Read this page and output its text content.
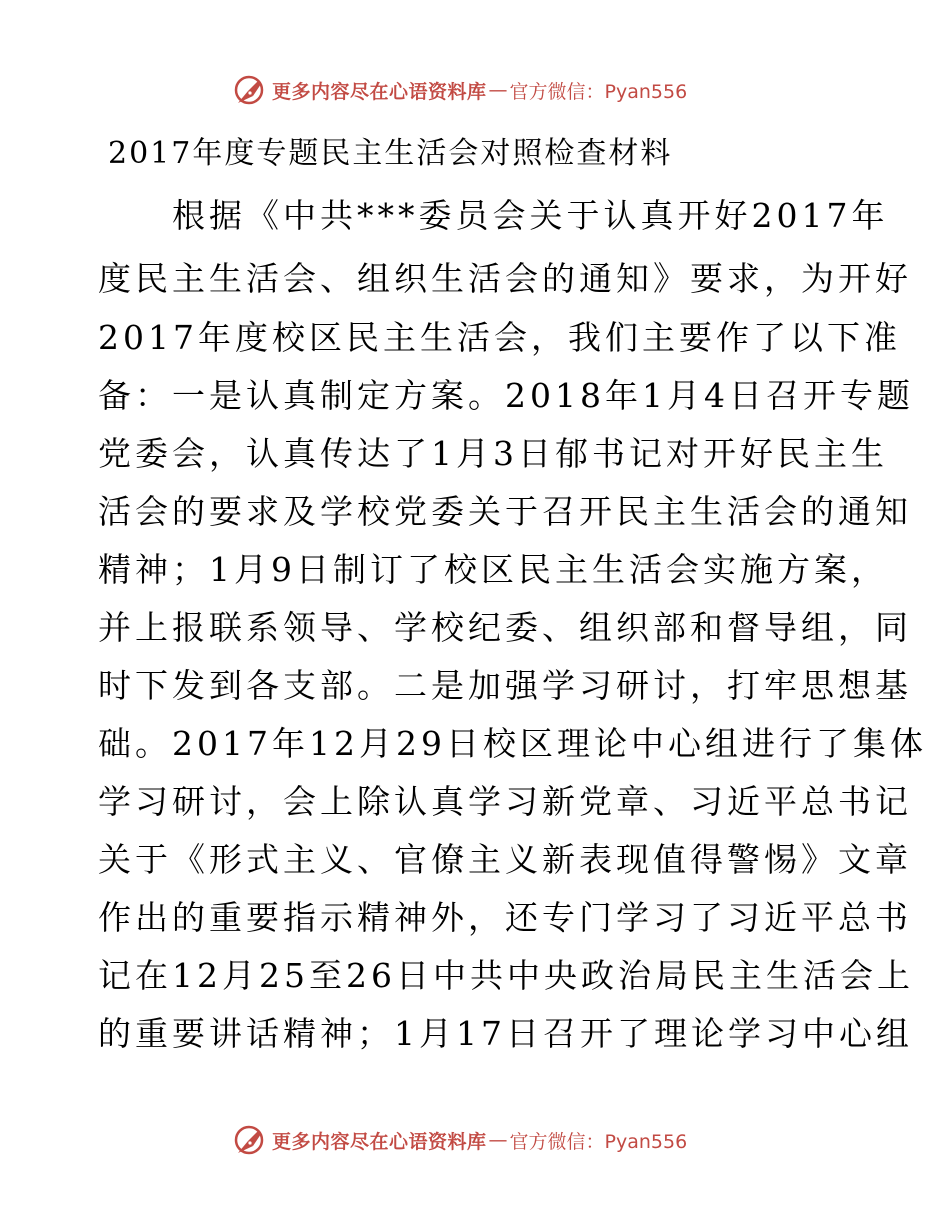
更多内容尽在心语资料库 — 官方微信：Pyan556
2017年度专题民主生活会对照检查材料

　　根据《中共***委员会关于认真开好2017年

度民主生活会、组织生活会的通知》要求，为开好

2017年度校区民主生活会，我们主要作了以下准

备：一是认真制定方案。2018年1月4日召开专题

党委会，认真传达了1月3日郁书记对开好民主生

活会的要求及学校党委关于召开民主生活会的通知

精神；1月9日制订了校区民主生活会实施方案，

并上报联系领导、学校纪委、组织部和督导组，同

时下发到各支部。二是加强学习研讨，打牢思想基

础。2017年12月29日校区理论中心组进行了集体

学习研讨，会上除认真学习新党章、习近平总书记

关于《形式主义、官僚主义新表现值得警惕》文章

作出的重要指示精神外，还专门学习了习近平总书

记在12月25至26日中共中央政治局民主生活会上

的重要讲话精神；1月17日召开了理论学习中心组

更多内容尽在心语资料库 — 官方微信：Pyan556
